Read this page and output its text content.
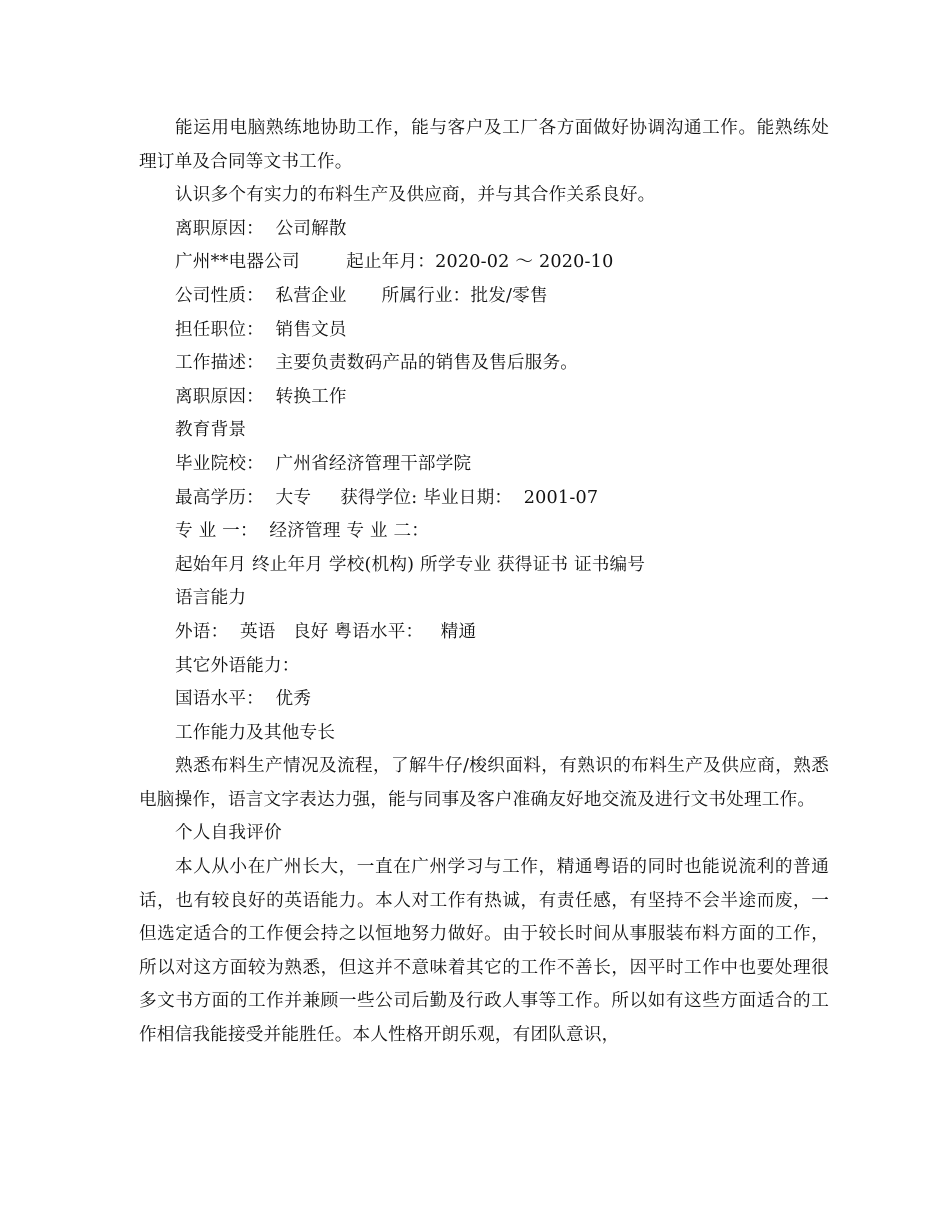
能运用电脑熟练地协助工作，能与客户及工厂各方面做好协调沟通工作。能熟练处理订单及合同等文书工作。

认识多个有实力的布料生产及供应商，并与其合作关系良好。

离职原因：  公司解散

广州**电器公司        起止年月：2020-02 ～ 2020-10

公司性质：  私营企业      所属行业：批发/零售

担任职位：  销售文员

工作描述：  主要负责数码产品的销售及售后服务。

离职原因：  转换工作

教育背景

毕业院校：  广州省经济管理干部学院

最高学历：  大专     获得学位: 毕业日期：  2001-07

专 业 一：  经济管理 专 业 二：

起始年月 终止年月 学校(机构) 所学专业 获得证书 证书编号

语言能力

外语：  英语   良好 粤语水平：   精通

其它外语能力：

国语水平：  优秀

工作能力及其他专长

熟悉布料生产情况及流程，了解牛仔/梭织面料，有熟识的布料生产及供应商，熟悉电脑操作，语言文字表达力强，能与同事及客户准确友好地交流及进行文书处理工作。

个人自我评价

本人从小在广州长大，一直在广州学习与工作，精通粤语的同时也能说流利的普通话，也有较良好的英语能力。本人对工作有热诚，有责任感，有坚持不会半途而废，一但选定适合的工作便会持之以恒地努力做好。由于较长时间从事服装布料方面的工作，所以对这方面较为熟悉，但这并不意味着其它的工作不善长，因平时工作中也要处理很多文书方面的工作并兼顾一些公司后勤及行政人事等工作。所以如有这些方面适合的工作相信我能接受并能胜任。本人性格开朗乐观，有团队意识，
